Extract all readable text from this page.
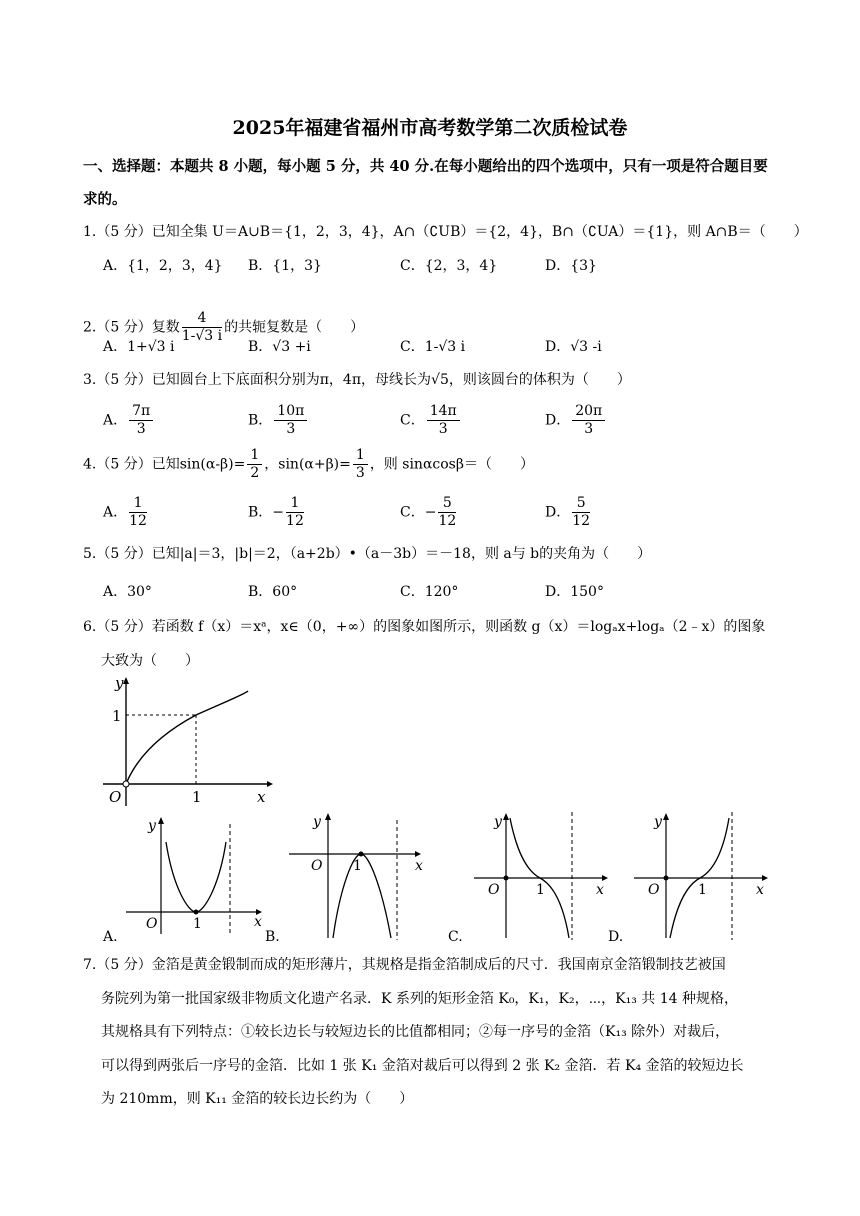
2025年福建省福州市高考数学第二次质检试卷
一、选择题：本题共 8 小题，每小题 5 分，共 40 分.在每小题给出的四个选项中，只有一项是符合题目要
求的。
1.（5 分）已知全集 U＝A∪B＝{1，2，3，4}，A∩（∁UB）＝{2，4}，B∩（∁UA）＝{1}，则 A∩B＝（　　）
A．{1，2，3，4} B．{1，3}	C．{2，3，4}	D．{3}
2.（5 分）复数 $\frac{4}{1-√3 i}$ 的共轭复数是（　　）
A．1+√3 i	B．√3 +i	C．1-√3 i	D．√3 -i
3.（5 分）已知圆台上下底面积分别为π，4π，母线长为√5，则该圆台的体积为（　　）
A． $\frac{7\pi}{3}$	B． $\frac{10\pi}{3}$	C． $\frac{14\pi}{3}$	D． $\frac{20\pi}{3}$
4.（5 分）已知$\sin(\alpha-\beta)= \frac{1}{2}$ ，$\sin(\alpha+\beta)= \frac{1}{3}$ ，则 sinαcosβ＝（　　）
A． $\frac{1}{12}$	B．− $\frac{1}{12}$	C．− $\frac{5}{12}$	D． $\frac{5}{12}$
5.（5 分）已知|a|＝3，|b|＝2，（a+2b）•（a－3b）＝－18，则 a与 b的夹角为（　　）
A．30°	B．60°	C．120°	D．150°
6.（5 分）若函数 f（x）＝xᵃ，x∈（0，+∞）的图象如图所示，则函数 g（x）＝logₐx+logₐ（2﹣x）的图象
大致为（　　）
y
x
O
1
1
y
x
O	1
A.
y
x
O 1
B.
y
x
O	1
C.
y
x
O	1
D.
7.（5 分）金箔是黄金锻制而成的矩形薄片，其规格是指金箔制成后的尺寸．我国南京金箔锻制技艺被国
务院列为第一批国家级非物质文化遗产名录．K 系列的矩形金箔 K₀，K₁，K₂，⋯，K₁₃ 共 14 种规格，
其规格具有下列特点：①较长边长与较短边长的比值都相同；②每一序号的金箔（K₁₃ 除外）对裁后，
可以得到两张后一序号的金箔．比如 1 张 K₁ 金箔对裁后可以得到 2 张 K₂ 金箔．若 K₄ 金箔的较短边长
为 210mm，则 K₁₁ 金箔的较长边长约为（　　）
